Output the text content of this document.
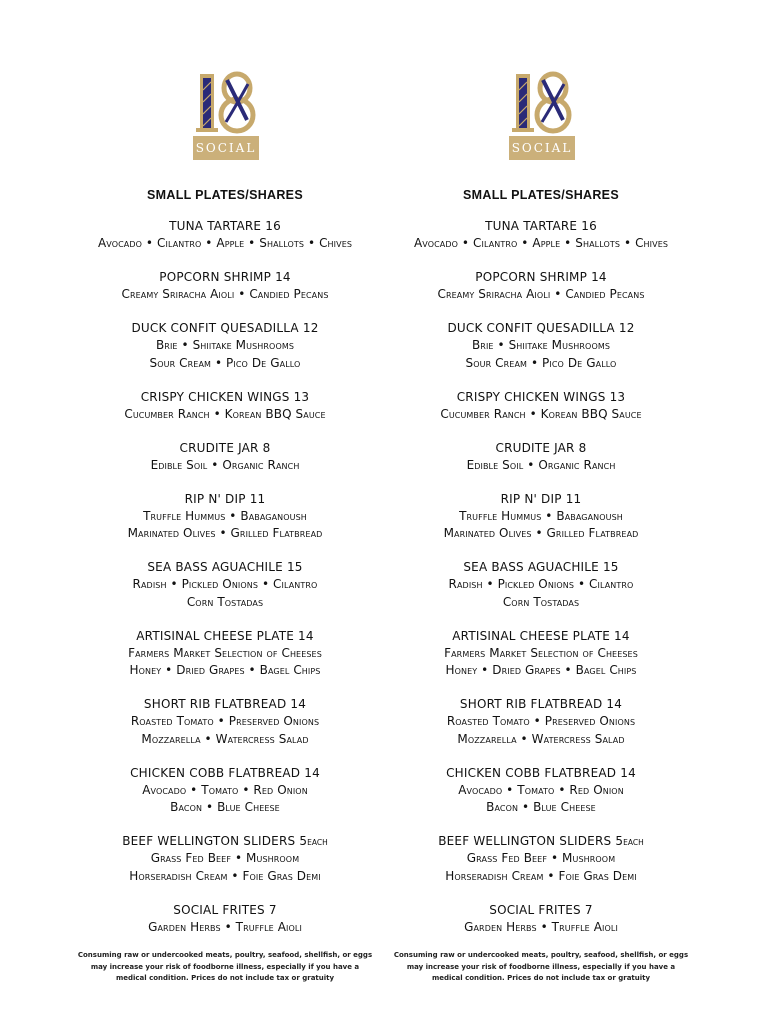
SOCIAL
SMALL PLATES/SHARES
TUNA TARTARE 16
Avocado • Cilantro • Apple • Shallots • Chives
POPCORN SHRIMP 14
Creamy Sriracha Aioli • Candied Pecans
DUCK CONFIT QUESADILLA 12
Brie • Shiitake Mushrooms
Sour Cream • Pico De Gallo
CRISPY CHICKEN WINGS 13
Cucumber Ranch • Korean BBQ Sauce
CRUDITE JAR 8
Edible Soil • Organic Ranch
RIP N' DIP 11
Truffle Hummus • Babaganoush
Marinated Olives • Grilled Flatbread
SEA BASS AGUACHILE 15
Radish • Pickled Onions • Cilantro
Corn Tostadas
ARTISINAL CHEESE PLATE 14
Farmers Market Selection of Cheeses
Honey • Dried Grapes • Bagel Chips
SHORT RIB FLATBREAD 14
Roasted Tomato • Preserved Onions
Mozzarella • Watercress Salad
CHICKEN COBB FLATBREAD 14
Avocado • Tomato • Red Onion
Bacon • Blue Cheese
BEEF WELLINGTON SLIDERS 5EACH
Grass Fed Beef • Mushroom
Horseradish Cream • Foie Gras Demi
SOCIAL FRITES 7
Garden Herbs • Truffle Aioli
Consuming raw or undercooked meats, poultry, seafood, shellfish, or eggs may increase your risk of foodborne illness, especially if you have a medical condition. Prices do not include tax or gratuity
SOCIAL
SMALL PLATES/SHARES
TUNA TARTARE 16
Avocado • Cilantro • Apple • Shallots • Chives
POPCORN SHRIMP 14
Creamy Sriracha Aioli • Candied Pecans
DUCK CONFIT QUESADILLA 12
Brie • Shiitake Mushrooms
Sour Cream • Pico De Gallo
CRISPY CHICKEN WINGS 13
Cucumber Ranch • Korean BBQ Sauce
CRUDITE JAR 8
Edible Soil • Organic Ranch
RIP N' DIP 11
Truffle Hummus • Babaganoush
Marinated Olives • Grilled Flatbread
SEA BASS AGUACHILE 15
Radish • Pickled Onions • Cilantro
Corn Tostadas
ARTISINAL CHEESE PLATE 14
Farmers Market Selection of Cheeses
Honey • Dried Grapes • Bagel Chips
SHORT RIB FLATBREAD 14
Roasted Tomato • Preserved Onions
Mozzarella • Watercress Salad
CHICKEN COBB FLATBREAD 14
Avocado • Tomato • Red Onion
Bacon • Blue Cheese
BEEF WELLINGTON SLIDERS 5EACH
Grass Fed Beef • Mushroom
Horseradish Cream • Foie Gras Demi
SOCIAL FRITES 7
Garden Herbs • Truffle Aioli
Consuming raw or undercooked meats, poultry, seafood, shellfish, or eggs may increase your risk of foodborne illness, especially if you have a medical condition. Prices do not include tax or gratuity
